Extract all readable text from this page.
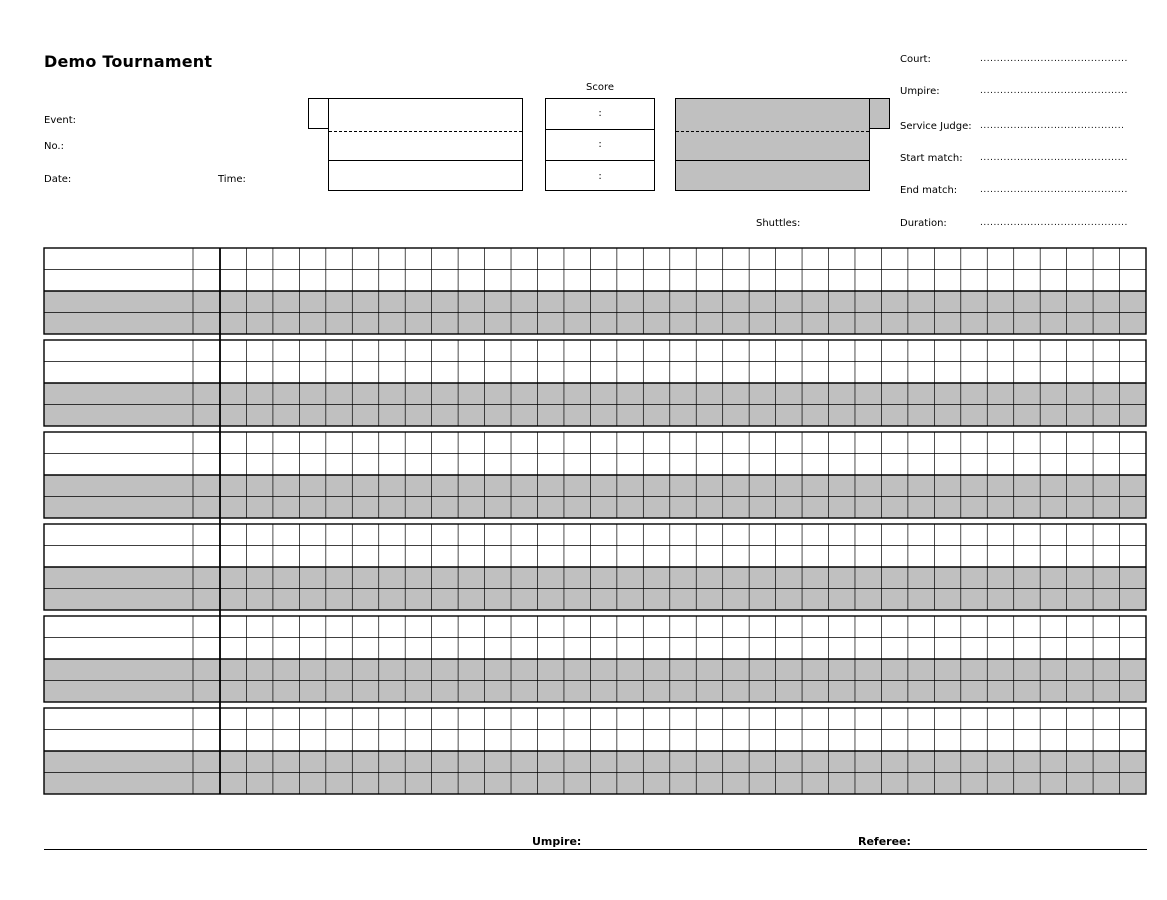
Demo Tournament
Event:
No.:
Date:	Time:
Score
:
:
:
Shuttles:
Court:	............................................
Umpire:	............................................
Service Judge: ...........................................
Start match: ............................................
End match:	............................................
Duration:	............................................
Umpire:	Referee:
